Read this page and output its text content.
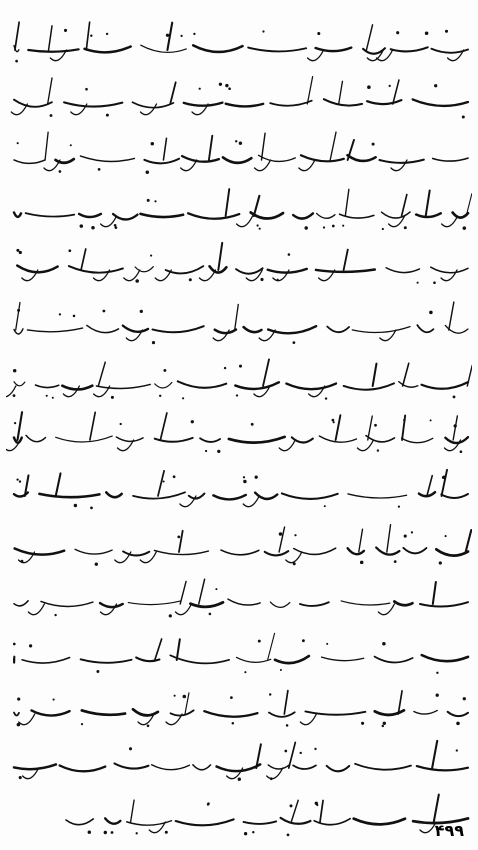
۴۹۹
